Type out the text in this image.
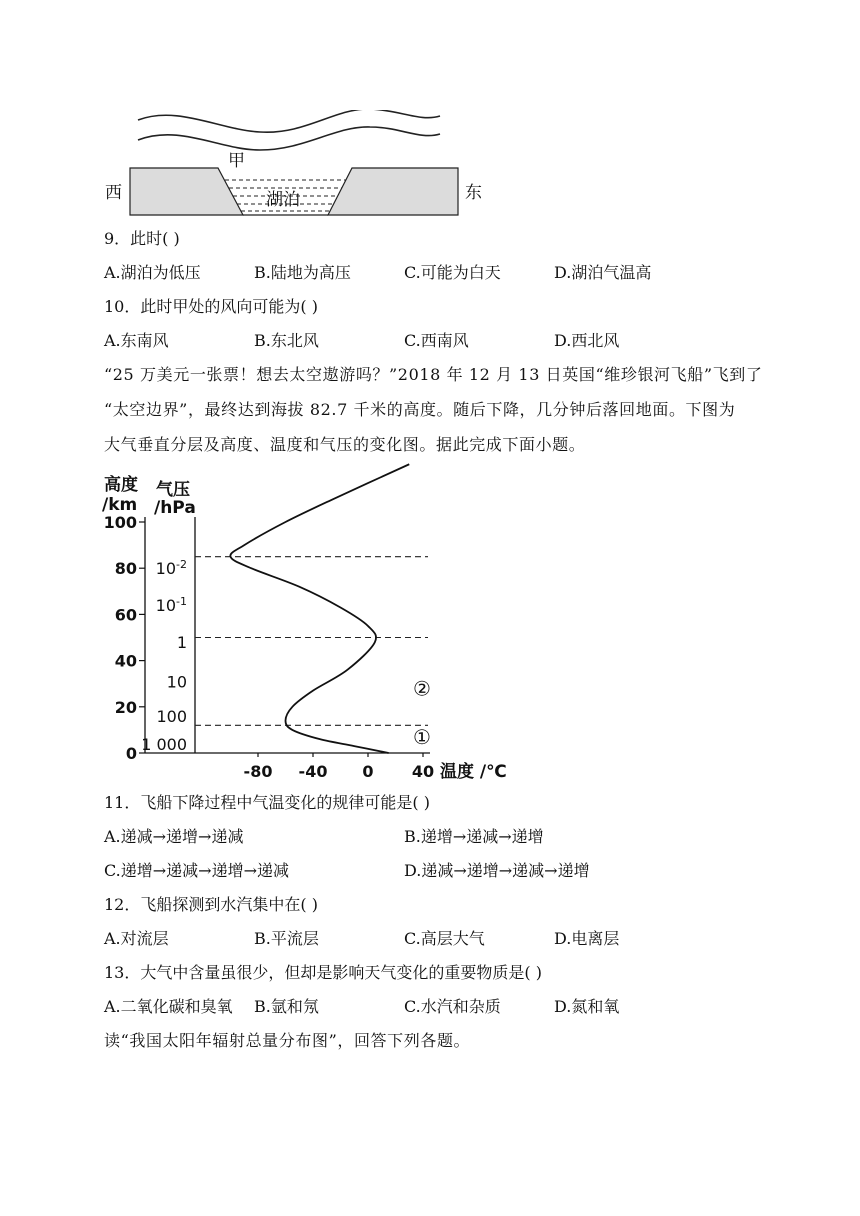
湖泊
甲
西	东
9．此时( )
A.湖泊为低压	B.陆地为高压	C.可能为白天	D.湖泊气温高
10．此时甲处的风向可能为( )
A.东南风	B.东北风	C.西南风	D.西北风
“25 万美元一张票！想去太空遨游吗？”2018 年 12 月 13 日英国“维珍银河飞船”飞到了
“太空边界”，最终达到海拔 82.7 千米的高度。随后下降，几分钟后落回地面。下图为
大气垂直分层及高度、温度和气压的变化图。据此完成下面小题。
100
80
60
40
20
0
-80 -40 0 40
$10^{-2}$
$10^{-1}$
1
10
100
1 000
高度
/km
气压
/hPa
温度 /℃
②
①
11．飞船下降过程中气温变化的规律可能是( )
A.递减→递增→递减	B.递增→递减→递增
C.递增→递减→递增→递减	D.递减→递增→递减→递增
12．飞船探测到水汽集中在( )
A.对流层	B.平流层	C.高层大气	D.电离层
13．大气中含量虽很少，但却是影响天气变化的重要物质是( )
A.二氧化碳和臭氧 B.氩和氖	C.水汽和杂质	D.氮和氧
读“我国太阳年辐射总量分布图”，回答下列各题。
